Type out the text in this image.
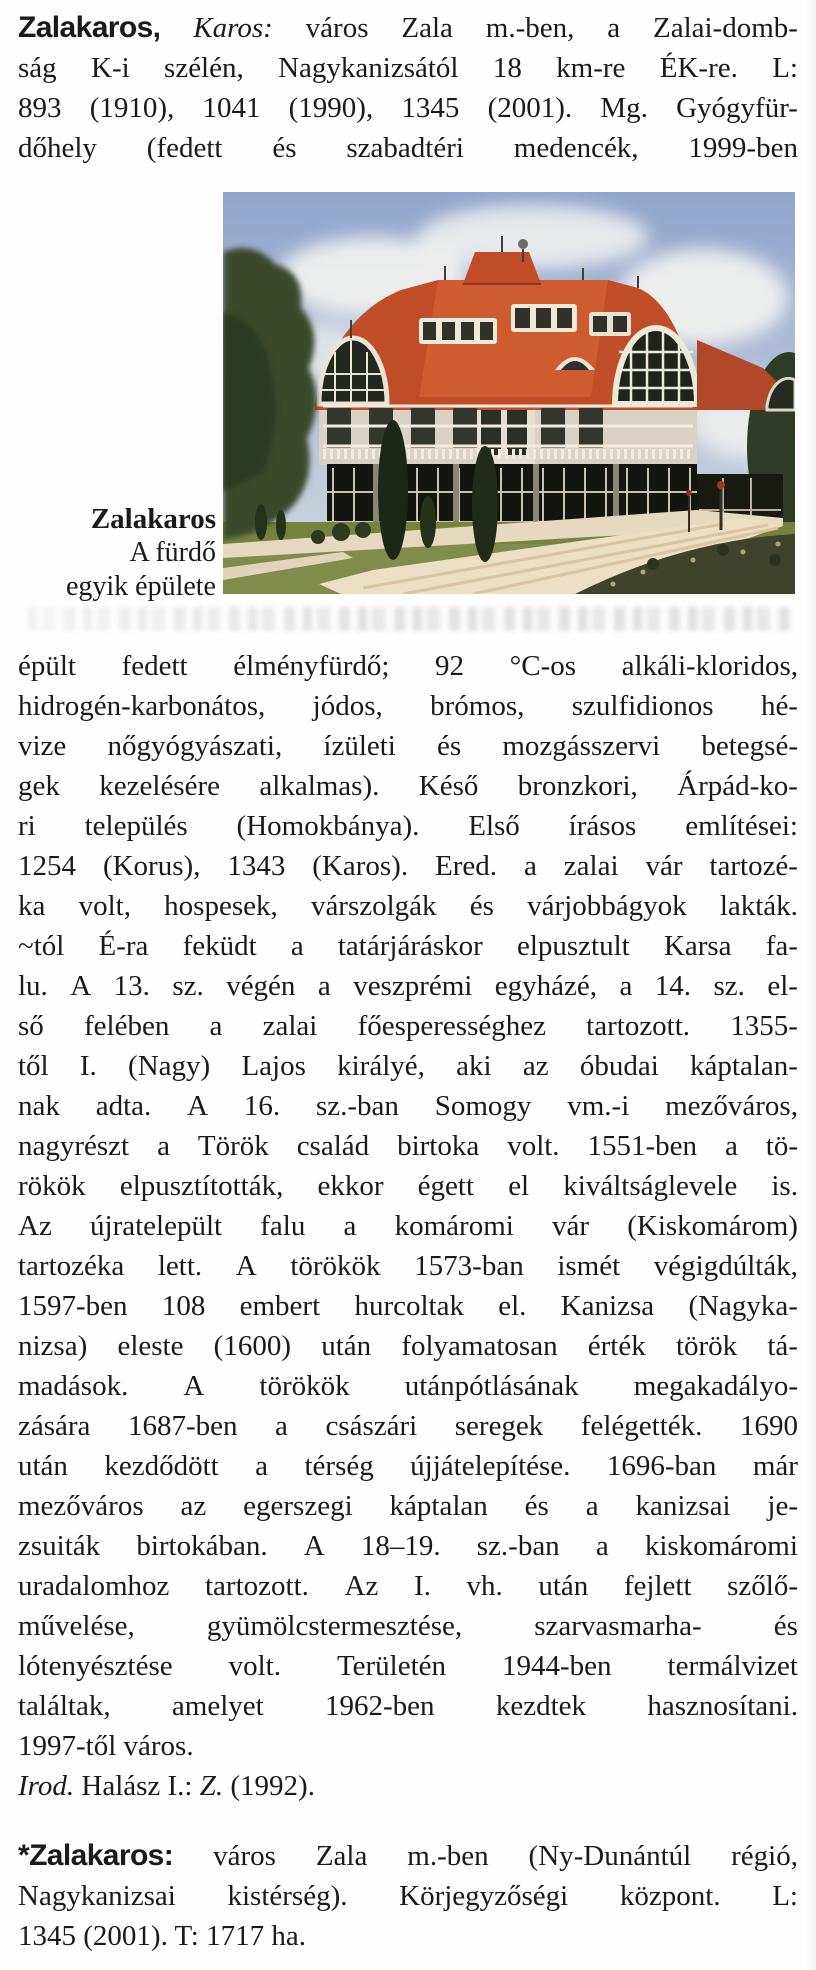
Zalakaros, Karos: város Zala m.-ben, a Zalai-domb-
ság K-i szélén, Nagykanizsától 18 km-re ÉK-re. L:
893 (1910), 1041 (1990), 1345 (2001). Mg. Gyógyfür-
dőhely (fedett és szabadtéri medencék, 1999-ben
Zalakaros
A fürdő
egyik épülete
épült fedett élményfürdő; 92 °C-os alkáli-kloridos,
hidrogén-karbonátos, jódos, brómos, szulfidionos hé-
vize nőgyógyászati, ízületi és mozgásszervi betegsé-
gek kezelésére alkalmas). Késő bronzkori, Árpád-ko-
ri település (Homokbánya). Első írásos említései:
1254 (Korus), 1343 (Karos). Ered. a zalai vár tartozé-
ka volt, hospesek, várszolgák és várjobbágyok lakták.
~tól É-ra feküdt a tatárjáráskor elpusztult Karsa fa-
lu. A 13. sz. végén a veszprémi egyházé, a 14. sz. el-
ső felében a zalai főesperességhez tartozott. 1355-
től I. (Nagy) Lajos királyé, aki az óbudai káptalan-
nak adta. A 16. sz.-ban Somogy vm.-i mezőváros,
nagyrészt a Török család birtoka volt. 1551-ben a tö-
rökök elpusztították, ekkor égett el kiváltságlevele is.
Az újratelepült falu a komáromi vár (Kiskomárom)
tartozéka lett. A törökök 1573-ban ismét végigdúlták,
1597-ben 108 embert hurcoltak el. Kanizsa (Nagyka-
nizsa) eleste (1600) után folyamatosan érték török tá-
madások. A törökök utánpótlásának megakadályo-
zására 1687-ben a császári seregek felégették. 1690
után kezdődött a térség újjátelepítése. 1696-ban már
mezőváros az egerszegi káptalan és a kanizsai je-
zsuiták birtokában. A 18–19. sz.-ban a kiskomáromi
uradalomhoz tartozott. Az I. vh. után fejlett szőlő-
művelése, gyümölcstermesztése, szarvasmarha- és
lótenyésztése volt. Területén 1944-ben termálvizet
találtak, amelyet 1962-ben kezdtek hasznosítani.
1997-től város.
Irod. Halász I.: Z. (1992).
*Zalakaros: város Zala m.-ben (Ny-Dunántúl régió,
Nagykanizsai kistérség). Körjegyzőségi központ. L:
1345 (2001). T: 1717 ha.
